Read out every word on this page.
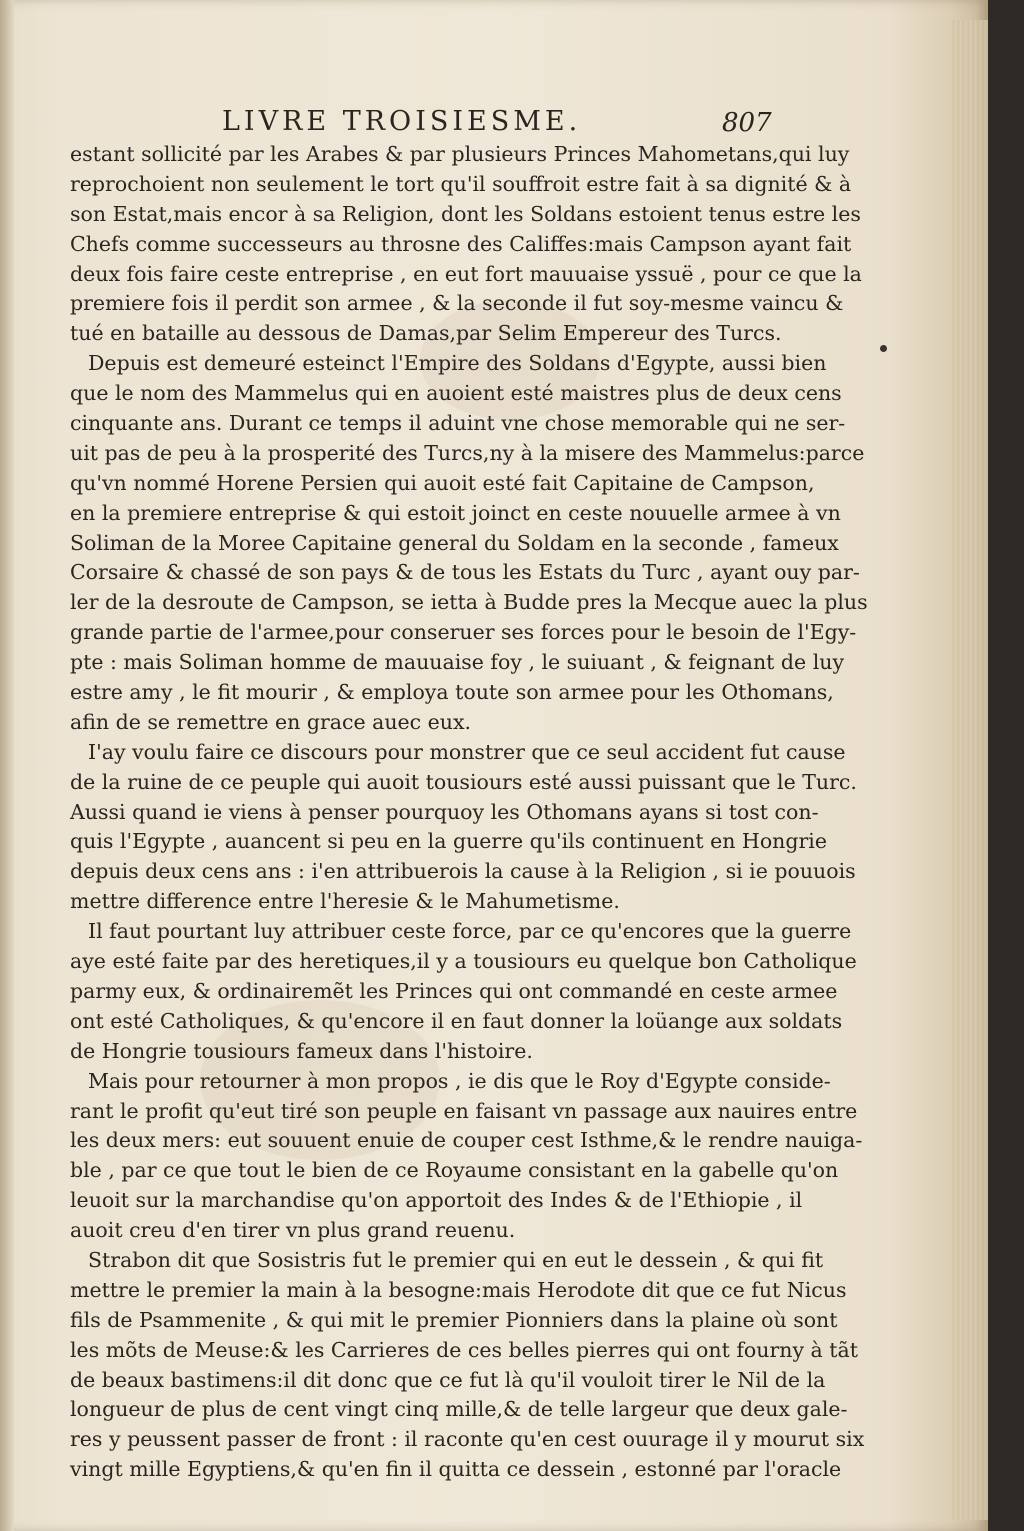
LIVRE TROISIESME.	807
estant sollicité par les Arabes & par plusieurs Princes Mahometans,qui luy
reprochoient non seulement le tort qu'il souffroit estre fait à sa dignité & à
son Estat,mais encor à sa Religion, dont les Soldans estoient tenus estre les
Chefs comme successeurs au throsne des Califfes:mais Campson ayant fait
deux fois faire ceste entreprise , en eut fort mauuaise yssuë , pour ce que la
premiere fois il perdit son armee , & la seconde il fut soy-mesme vaincu &
tué en bataille au dessous de Damas,par Selim Empereur des Turcs.
Depuis est demeuré esteinct l'Empire des Soldans d'Egypte, aussi bien
que le nom des Mammelus qui en auoient esté maistres plus de deux cens
cinquante ans. Durant ce temps il aduint vne chose memorable qui ne ser-
uit pas de peu à la prosperité des Turcs,ny à la misere des Mammelus:parce
qu'vn nommé Horene Persien qui auoit esté fait Capitaine de Campson,
en la premiere entreprise & qui estoit joinct en ceste nouuelle armee à vn
Soliman de la Moree Capitaine general du Soldam en la seconde , fameux
Corsaire & chassé de son pays & de tous les Estats du Turc , ayant ouy par-
ler de la desroute de Campson, se ietta à Budde pres la Mecque auec la plus
grande partie de l'armee,pour conseruer ses forces pour le besoin de l'Egy-
pte : mais Soliman homme de mauuaise foy , le suiuant , & feignant de luy
estre amy , le fit mourir , & employa toute son armee pour les Othomans,
afin de se remettre en grace auec eux.
I'ay voulu faire ce discours pour monstrer que ce seul accident fut cause
de la ruine de ce peuple qui auoit tousiours esté aussi puissant que le Turc.
Aussi quand ie viens à penser pourquoy les Othomans ayans si tost con-
quis l'Egypte , auancent si peu en la guerre qu'ils continuent en Hongrie
depuis deux cens ans : i'en attribuerois la cause à la Religion , si ie pouuois
mettre difference entre l'heresie & le Mahumetisme.
Il faut pourtant luy attribuer ceste force, par ce qu'encores que la guerre
aye esté faite par des heretiques,il y a tousiours eu quelque bon Catholique
parmy eux, & ordinairemẽt les Princes qui ont commandé en ceste armee
ont esté Catholiques, & qu'encore il en faut donner la loüange aux soldats
de Hongrie tousiours fameux dans l'histoire.
Mais pour retourner à mon propos , ie dis que le Roy d'Egypte conside-
rant le profit qu'eut tiré son peuple en faisant vn passage aux nauires entre
les deux mers: eut souuent enuie de couper cest Isthme,& le rendre nauiga-
ble , par ce que tout le bien de ce Royaume consistant en la gabelle qu'on
leuoit sur la marchandise qu'on apportoit des Indes & de l'Ethiopie , il
auoit creu d'en tirer vn plus grand reuenu.
Strabon dit que Sosistris fut le premier qui en eut le dessein , & qui fit
mettre le premier la main à la besogne:mais Herodote dit que ce fut Nicus
fils de Psammenite , & qui mit le premier Pionniers dans la plaine où sont
les mõts de Meuse:& les Carrieres de ces belles pierres qui ont fourny à tãt
de beaux bastimens:il dit donc que ce fut là qu'il vouloit tirer le Nil de la
longueur de plus de cent vingt cinq mille,& de telle largeur que deux gale-
res y peussent passer de front : il raconte qu'en cest ouurage il y mourut six
vingt mille Egyptiens,& qu'en fin il quitta ce dessein , estonné par l'oracle
